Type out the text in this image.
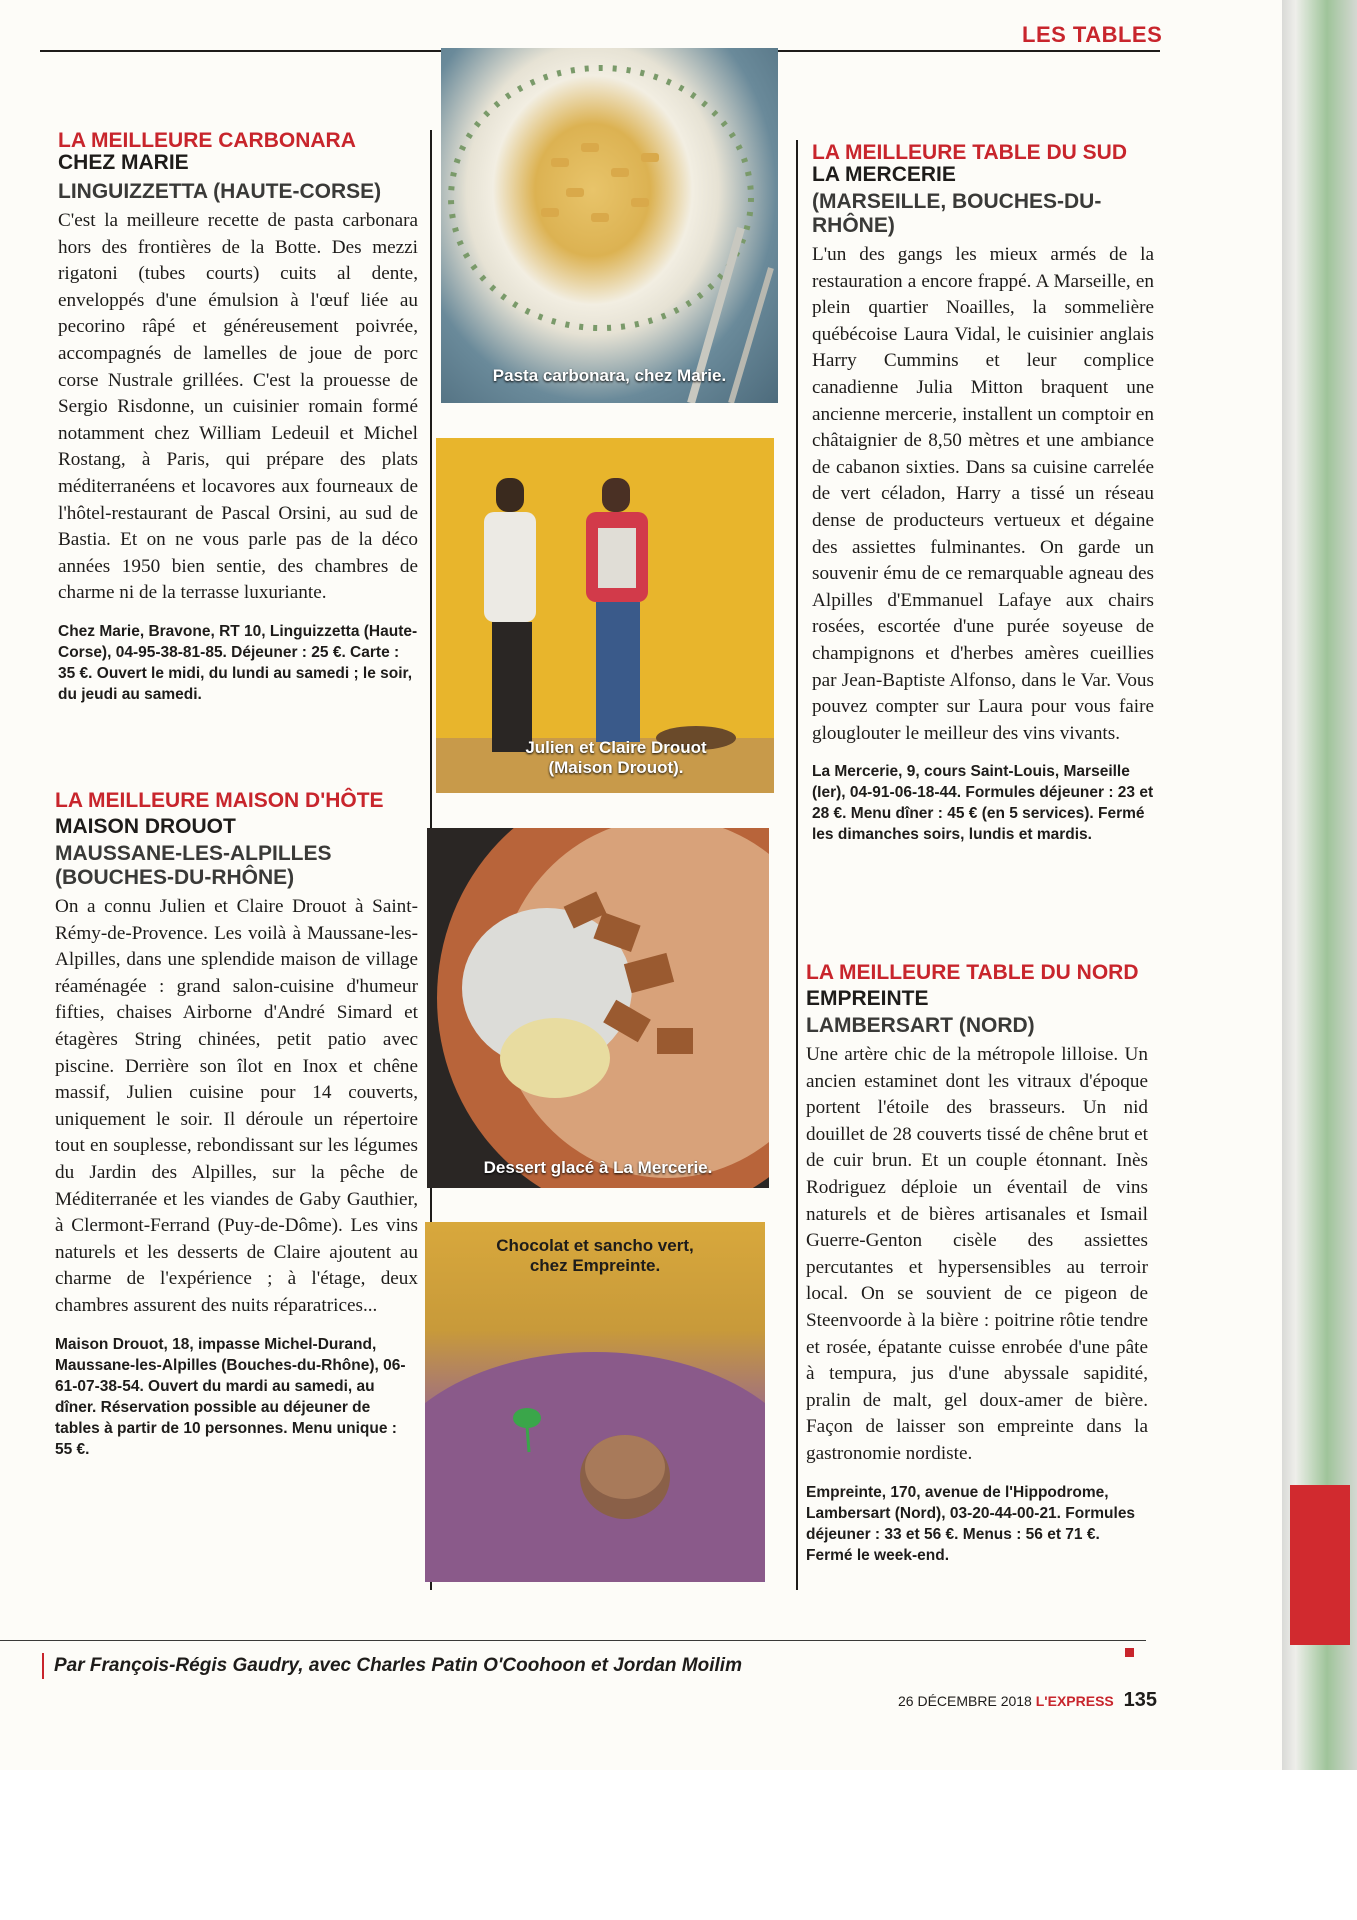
LES TABLES

LA MEILLEURE CARBONARA

CHEZ MARIE

LINGUIZZETTA (HAUTE-CORSE)

C'est la meilleure recette de pasta carbonara hors des frontières de la Botte. Des mezzi rigatoni (tubes courts) cuits al dente, enveloppés d'une émulsion à l'œuf liée au pecorino râpé et généreusement poivrée, accompagnés de lamelles de joue de porc corse Nustrale grillées. C'est la prouesse de Sergio Risdonne, un cuisinier romain formé notamment chez William Ledeuil et Michel Rostang, à Paris, qui prépare des plats méditerranéens et locavores aux fourneaux de l'hôtel-restaurant de Pascal Orsini, au sud de Bastia. Et on ne vous parle pas de la déco années 1950 bien sentie, des chambres de charme ni de la terrasse luxuriante.

Chez Marie, Bravone, RT 10, Linguizzetta (Haute-Corse), 04-95-38-81-85. Déjeuner : 25 €. Carte : 35 €. Ouvert le midi, du lundi au samedi ; le soir, du jeudi au samedi.

LA MEILLEURE MAISON D'HÔTE

MAISON DROUOT

MAUSSANE-LES-ALPILLES (BOUCHES-DU-RHÔNE)

On a connu Julien et Claire Drouot à Saint-Rémy-de-Provence. Les voilà à Maussane-les-Alpilles, dans une splendide maison de village réaménagée : grand salon-cuisine d'humeur fifties, chaises Airborne d'André Simard et étagères String chinées, petit patio avec piscine. Derrière son îlot en Inox et chêne massif, Julien cuisine pour 14 couverts, uniquement le soir. Il déroule un répertoire tout en souplesse, rebondissant sur les légumes du Jardin des Alpilles, sur la pêche de Méditerranée et les viandes de Gaby Gauthier, à Clermont-Ferrand (Puy-de-Dôme). Les vins naturels et les desserts de Claire ajoutent au charme de l'expérience ; à l'étage, deux chambres assurent des nuits réparatrices...

Maison Drouot, 18, impasse Michel-Durand, Maussane-les-Alpilles (Bouches-du-Rhône), 06-61-07-38-54. Ouvert du mardi au samedi, au dîner. Réservation possible au déjeuner de tables à partir de 10 personnes. Menu unique : 55 €.

Pasta carbonara, chez Marie.
Julien et Claire Drouot (Maison Drouot).
Dessert glacé à La Mercerie.
Chocolat et sancho vert, chez Empreinte.

LA MEILLEURE TABLE DU SUD

LA MERCERIE

(MARSEILLE, BOUCHES-DU-RHÔNE)

L'un des gangs les mieux armés de la restauration a encore frappé. A Marseille, en plein quartier Noailles, la sommelière québécoise Laura Vidal, le cuisinier anglais Harry Cummins et leur complice canadienne Julia Mitton braquent une ancienne mercerie, installent un comptoir en châtaignier de 8,50 mètres et une ambiance de cabanon sixties. Dans sa cuisine carrelée de vert céladon, Harry a tissé un réseau dense de producteurs vertueux et dégaine des assiettes fulminantes. On garde un souvenir ému de ce remarquable agneau des Alpilles d'Emmanuel Lafaye aux chairs rosées, escortée d'une purée soyeuse de champignons et d'herbes amères cueillies par Jean-Baptiste Alfonso, dans le Var. Vous pouvez compter sur Laura pour vous faire glouglouter le meilleur des vins vivants.

La Mercerie, 9, cours Saint-Louis, Marseille (Ier), 04-91-06-18-44. Formules déjeuner : 23 et 28 €. Menu dîner : 45 € (en 5 services). Fermé les dimanches soirs, lundis et mardis.

LA MEILLEURE TABLE DU NORD

EMPREINTE

LAMBERSART (NORD)

Une artère chic de la métropole lilloise. Un ancien estaminet dont les vitraux d'époque portent l'étoile des brasseurs. Un nid douillet de 28 couverts tissé de chêne brut et de cuir brun. Et un couple étonnant. Inès Rodriguez déploie un éventail de vins naturels et de bières artisanales et Ismail Guerre-Genton cisèle des assiettes percutantes et hypersensibles au terroir local. On se souvient de ce pigeon de Steenvoorde à la bière : poitrine rôtie tendre et rosée, épatante cuisse enrobée d'une pâte à tempura, jus d'une abyssale sapidité, pralin de malt, gel doux-amer de bière. Façon de laisser son empreinte dans la gastronomie nordiste.

Empreinte, 170, avenue de l'Hippodrome, Lambersart (Nord), 03-20-44-00-21. Formules déjeuner : 33 et 56 €. Menus : 56 et 71 €. Fermé le week-end.

Par François-Régis Gaudry, avec Charles Patin O'Coohoon et Jordan Moilim
26 DÉCEMBRE 2018 L'EXPRESS 135
